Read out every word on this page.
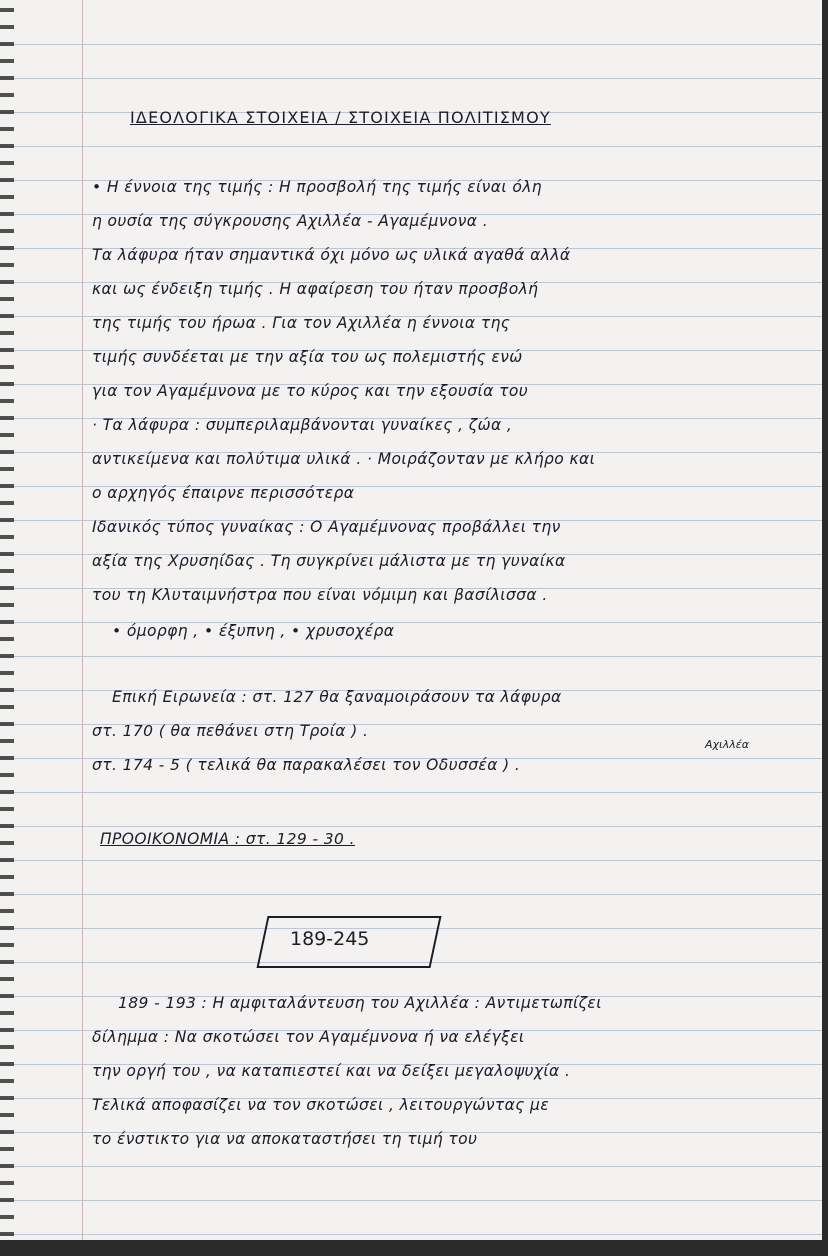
ΙΔΕΟΛΟΓΙΚΑ ΣΤΟΙΧΕΙΑ / ΣΤΟΙΧΕΙΑ ΠΟΛΙΤΙΣΜΟΥ
• Η έννοια της τιμής : Η προσβολή της τιμής είναι όλη
η ουσία της σύγκρουσης Αχιλλέα - Αγαμέμνονα .
Τα λάφυρα ήταν σημαντικά όχι μόνο ως υλικά αγαθά αλλά
και ως ένδειξη τιμής . Η αφαίρεση του ήταν προσβολή
της τιμής του ήρωα . Για τον Αχιλλέα η έννοια της
τιμής συνδέεται με την αξία του ως πολεμιστής ενώ
για τον Αγαμέμνονα με το κύρος και την εξουσία του
· Τα λάφυρα : συμπεριλαμβάνονται γυναίκες , ζώα ,
αντικείμενα και πολύτιμα υλικά . · Μοιράζονταν με κλήρο και
ο αρχηγός έπαιρνε περισσότερα
Ιδανικός τύπος γυναίκας : Ο Αγαμέμνονας προβάλλει την
αξία της Χρυσηίδας . Τη συγκρίνει μάλιστα με τη γυναίκα
του τη Κλυταιμνήστρα που είναι νόμιμη και βασίλισσα .
• όμορφη , • έξυπνη , • χρυσοχέρα
Επική Ειρωνεία : στ. 127 θα ξαναμοιράσουν τα λάφυρα
στ. 170 ( θα πεθάνει στη Τροία ) .
στ. 174 - 5 ( τελικά θα παρακαλέσει τον Οδυσσέα ) .
Αχιλλέα
ΠΡΟΟΙΚΟΝΟΜΙΑ : στ. 129 - 30 .
189-245
189 - 193 : Η αμφιταλάντευση του Αχιλλέα : Αντιμετωπίζει
δίλημμα : Να σκοτώσει τον Αγαμέμνονα ή να ελέγξει
την οργή του , να καταπιεστεί και να δείξει μεγαλοψυχία .
Τελικά αποφασίζει να τον σκοτώσει , λειτουργώντας με
το ένστικτο για να αποκαταστήσει τη τιμή του
